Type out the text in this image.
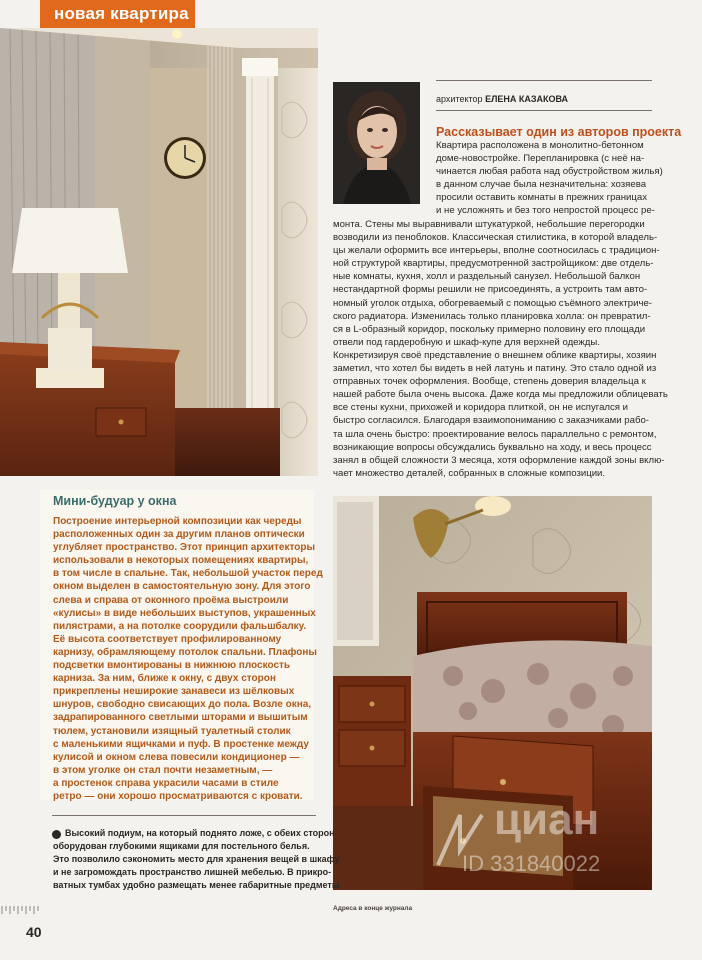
новая квартира
архитектор ЕЛЕНА КАЗАКОВА
Рассказывает один из авторов проекта
Квартира расположена в монолитно-бетонном
доме-новостройке. Перепланировка (с неё на-
чинается любая работа над обустройством жилья)
в данном случае была незначительна: хозяева
просили оставить комнаты в прежних границах
и не усложнять и без того непростой процесс ре-
монта. Стены мы выравнивали штукатуркой, небольшие перегородки
возводили из пеноблоков. Классическая стилистика, в которой владель-
цы желали оформить все интерьеры, вполне соотносилась с традицион-
ной структурой квартиры, предусмотренной застройщиком: две отдель-
ные комнаты, кухня, холл и раздельный санузел. Небольшой балкон
нестандартной формы решили не присоединять, а устроить там авто-
номный уголок отдыха, обогреваемый с помощью съёмного электриче-
ского радиатора. Изменилась только планировка холла: он превратил-
ся в L-образный коридор, поскольку примерно половину его площади
отвели под гардеробную и шкаф-купе для верхней одежды.
Конкретизируя своё представление о внешнем облике квартиры, хозяин
заметил, что хотел бы видеть в ней латунь и патину. Это стало одной из
отправных точек оформления. Вообще, степень доверия владельца к
нашей работе была очень высока. Даже когда мы предложили облицевать
все стены кухни, прихожей и коридора плиткой, он не испугался и
быстро согласился. Благодаря взаимопониманию с заказчиками рабо-
та шла очень быстро: проектирование велось параллельно с ремонтом,
возникающие вопросы обсуждались буквально на ходу, и весь процесс
занял в общей сложности 3 месяца, хотя оформление каждой зоны вклю-
чает множество деталей, собранных в сложные композиции.
Мини-будуар у окна
Построение интерьерной композиции как череды
расположенных один за другим планов оптически
углубляет пространство. Этот принцип архитекторы
использовали в некоторых помещениях квартиры,
в том числе в спальне. Так, небольшой участок перед
окном выделен в самостоятельную зону. Для этого
слева и справа от оконного проёма выстроили
«кулисы» в виде небольших выступов, украшенных
пилястрами, а на потолке соорудили фальшбалку.
Её высота соответствует профилированному
карнизу, обрамляющему потолок спальни. Плафоны
подсветки вмонтированы в нижнюю плоскость
карниза. За ним, ближе к окну, с двух сторон
прикреплены неширокие занавеси из шёлковых
шнуров, свободно свисающих до пола. Возле окна,
задрапированного светлыми шторами и вышитым
тюлем, установили изящный туалетный столик
с маленькими ящичками и пуф. В простенке между
кулисой и окном слева повесили кондиционер —
в этом уголке он стал почти незаметным, —
а простенок справа украсили часами в стиле
ретро — они хорошо просматриваются с кровати.	циан
ID 331840022
Высокий подиум, на который поднято ложе, с обеих сторон
оборудован глубокими ящиками для постельного белья.
Это позволило сэкономить место для хранения вещей в шкафу
и не загромождать пространство лишней мебелью. В прикро-
ватных тумбах удобно размещать менее габаритные предметы
Адреса в конце журнала
40
